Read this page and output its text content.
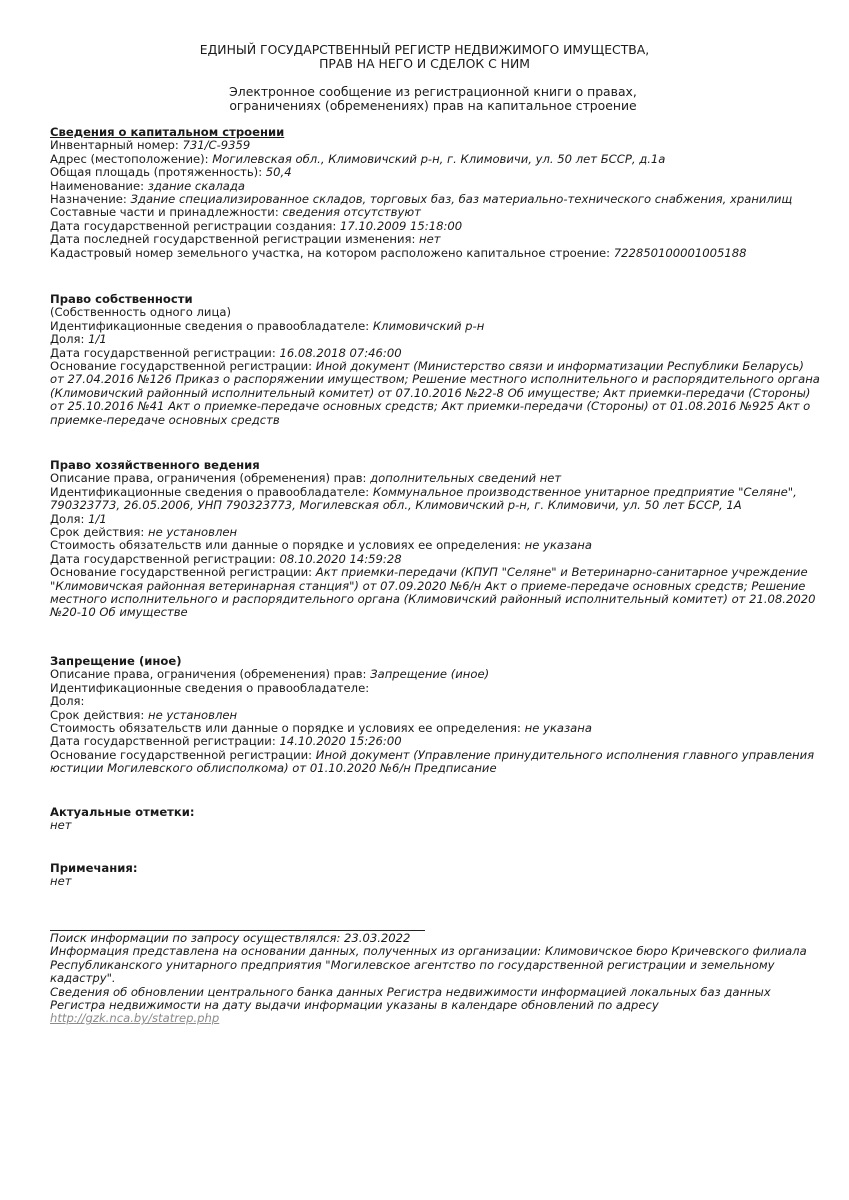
ЕДИНЫЙ ГОСУДАРСТВЕННЫЙ РЕГИСТР НЕДВИЖИМОГО ИМУЩЕСТВА,
ПРАВ НА НЕГО И СДЕЛОК С НИМ
Электронное сообщение из регистрационной книги о правах,
ограничениях (обременениях) прав на капитальное строение
Сведения о капитальном строении
Инвентарный номер: 731/С-9359
Адрес (местоположение): Могилевская обл., Климовичский р-н, г. Климовичи, ул. 50 лет БССР, д.1а
Общая площадь (протяженность): 50,4
Наименование: здание скалада
Назначение: Здание специализированное складов, торговых баз, баз материально-технического снабжения, хранилищ
Составные части и принадлежности: сведения отсутствуют
Дата государственной регистрации создания: 17.10.2009 15:18:00
Дата последней государственной регистрации изменения: нет
Кадастровый номер земельного участка, на котором расположено капитальное строение: 722850100001005188
Право собственности
(Собственность одного лица)
Идентификационные сведения о правообладателе: Климовичский р-н
Доля: 1/1
Дата государственной регистрации: 16.08.2018 07:46:00
Основание государственной регистрации: Иной документ (Министерство связи и информатизации Республики Беларусь) от 27.04.2016 №126 Приказ о распоряжении имуществом; Решение местного исполнительного и распорядительного органа (Климовичский районный исполнительный комитет) от 07.10.2016 №22-8 Об имуществе; Акт приемки-передачи (Стороны) от 25.10.2016 №41 Акт о приемке-передаче основных средств; Акт приемки-передачи (Стороны) от 01.08.2016 №925 Акт о приемке-передаче основных средств
Право хозяйственного ведения
Описание права, ограничения (обременения) прав: дополнительных сведений нет
Идентификационные сведения о правообладателе: Коммунальное производственное унитарное предприятие "Селяне", 790323773, 26.05.2006, УНП 790323773, Могилевская обл., Климовичский р-н, г. Климовичи, ул. 50 лет БССР, 1А
Доля: 1/1
Срок действия: не установлен
Стоимость обязательств или данные о порядке и условиях ее определения: не указана
Дата государственной регистрации: 08.10.2020 14:59:28
Основание государственной регистрации: Акт приемки-передачи (КПУП "Селяне" и Ветеринарно-санитарное учреждение "Климовичская районная ветеринарная станция") от 07.09.2020 №6/н Акт о приеме-передаче основных средств; Решение местного исполнительного и распорядительного органа (Климовичский районный исполнительный комитет) от 21.08.2020 №20-10 Об имуществе
Запрещение (иное)
Описание права, ограничения (обременения) прав: Запрещение (иное)
Идентификационные сведения о правообладателе:
Доля:
Срок действия: не установлен
Стоимость обязательств или данные о порядке и условиях ее определения: не указана
Дата государственной регистрации: 14.10.2020 15:26:00
Основание государственной регистрации: Иной документ (Управление принудительного исполнения главного управления юстиции Могилевского облисполкома) от 01.10.2020 №6/н Предписание
Актуальные отметки:
нет
Примечания:
нет
Поиск информации по запросу осуществлялся: 23.03.2022
Информация представлена на основании данных, полученных из организации: Климовичское бюро Кричевского филиала Республиканского унитарного предприятия "Могилевское агентство по государственной регистрации и земельному кадастру".
Сведения об обновлении центрального банка данных Регистра недвижимости информацией локальных баз данных Регистра недвижимости на дату выдачи информации указаны в календаре обновлений по адресу
http://gzk.nca.by/statrep.php
